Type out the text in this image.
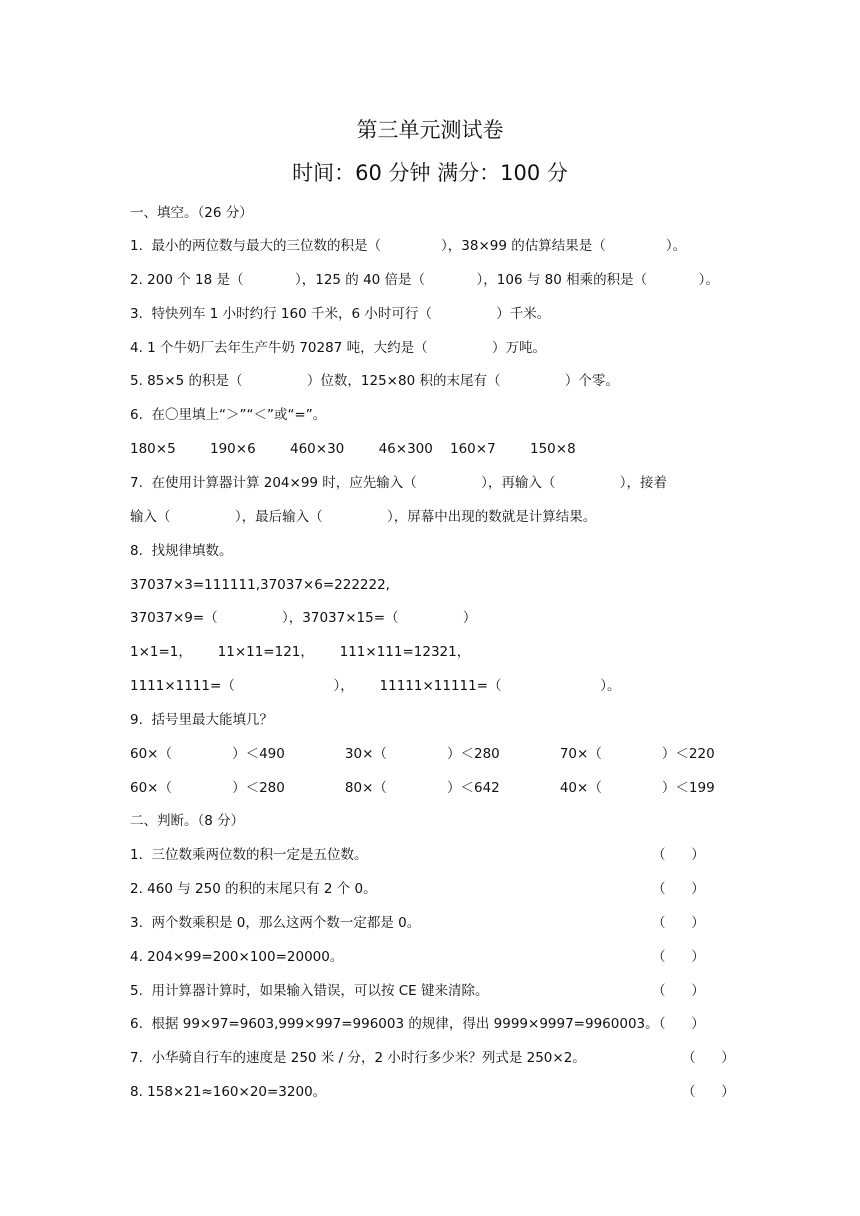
第三单元测试卷
时间：60 分钟 满分：100 分
一、填空。（26 分）
1.  最小的两位数与最大的三位数的积是（              ），38×99 的估算结果是（              ）。
2. 200 个 18 是（            ），125 的 40 倍是（            ），106 与 80 相乘的积是（            ）。
3.  特快列车 1 小时约行 160 千米，6 小时可行（               ）千米。
4. 1 个牛奶厂去年生产牛奶 70287 吨，大约是（               ）万吨。
5. 85×5 的积是（               ）位数，125×80 积的末尾有（               ）个零。
6.  在〇里填上“＞”“＜”或“=”。
180×5        190×6        460×30        46×300    160×7        150×8
7.  在使用计算器计算 204×99 时，应先输入（               ），再输入（               ），接着
输入（               ），最后输入（               ），屏幕中出现的数就是计算结果。
8.  找规律填数。
37037×3=111111,37037×6=222222,
37037×9=（               ），37037×15=（               ）
1×1=1，      11×11=121，      111×111=12321，
1111×1111=（                       ），      11111×11111=（                       ）。
9.  括号里最大能填几？
60×（              ）＜490              30×（              ）＜280              70×（              ）＜220
60×（              ）＜280              80×（              ）＜642              40×（              ）＜199
二、判断。（8 分）
1.  三位数乘两位数的积一定是五位数。	（      ）
2. 460 与 250 的积的末尾只有 2 个 0。	（      ）
3.  两个数乘积是 0，那么这两个数一定都是 0。	（      ）
4. 204×99=200×100=20000。	（      ）
5.  用计算器计算时，如果输入错误，可以按 CE 键来清除。	（      ）
6.  根据 99×97=9603,999×997=996003 的规律，得出 9999×9997=9960003。
（      ）
7.  小华骑自行车的速度是 250 米 / 分，2 小时行多少米？列式是 250×2。	（      ）
8. 158×21≈160×20=3200。	（      ）
